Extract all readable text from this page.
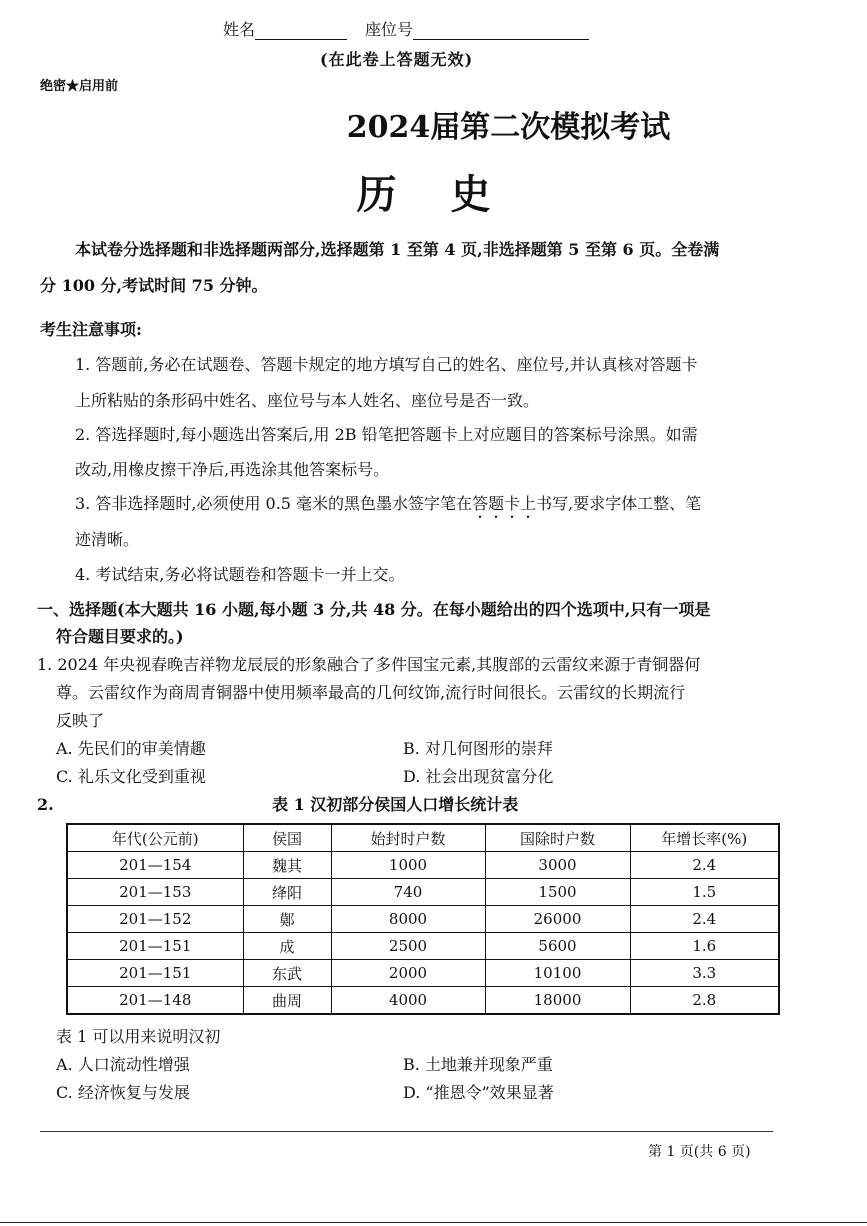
姓名	座位号
(在此卷上答题无效)
绝密★启用前
2024届第二次模拟考试
历 史
本试卷分选择题和非选择题两部分,选择题第 1 至第 4 页,非选择题第 5 至第 6 页。全卷满
分 100 分,考试时间 75 分钟。
考生注意事项:
1. 答题前,务必在试题卷、答题卡规定的地方填写自己的姓名、座位号,并认真核对答题卡
上所粘贴的条形码中姓名、座位号与本人姓名、座位号是否一致。
2. 答选择题时,每小题选出答案后,用 2B 铅笔把答题卡上对应题目的答案标号涂黑。如需
改动,用橡皮擦干净后,再选涂其他答案标号。
3. 答非选择题时,必须使用 0.5 毫米的黑色墨水签字笔在答题卡上书写,要求字体工整、笔
迹清晰。
4. 考试结束,务必将试题卷和答题卡一并上交。
一、选择题(本大题共 16 小题,每小题 3 分,共 48 分。在每小题给出的四个选项中,只有一项是
符合题目要求的。)
1. 2024 年央视春晚吉祥物龙辰辰的形象融合了多件国宝元素,其腹部的云雷纹来源于青铜器何
尊。云雷纹作为商周青铜器中使用频率最高的几何纹饰,流行时间很长。云雷纹的长期流行
反映了
A. 先民们的审美情趣	B. 对几何图形的崇拜
C. 礼乐文化受到重视	D. 社会出现贫富分化
2.	表 1 汉初部分侯国人口增长统计表
年代(公元前)	侯国	始封时户数	国除时户数	年增长率(%)
201—154	魏其	1000	3000	2.4
201—153	绛阳	740	1500	1.5
201—152	鄚	8000	26000	2.4
201—151	成	2500	5600	1.6
201—151	东武	2000	10100	3.3
201—148	曲周	4000	18000	2.8
表 1 可以用来说明汉初
A. 人口流动性增强	B. 土地兼并现象严重
C. 经济恢复与发展	D. “推恩令”效果显著
第 1 页(共 6 页)
